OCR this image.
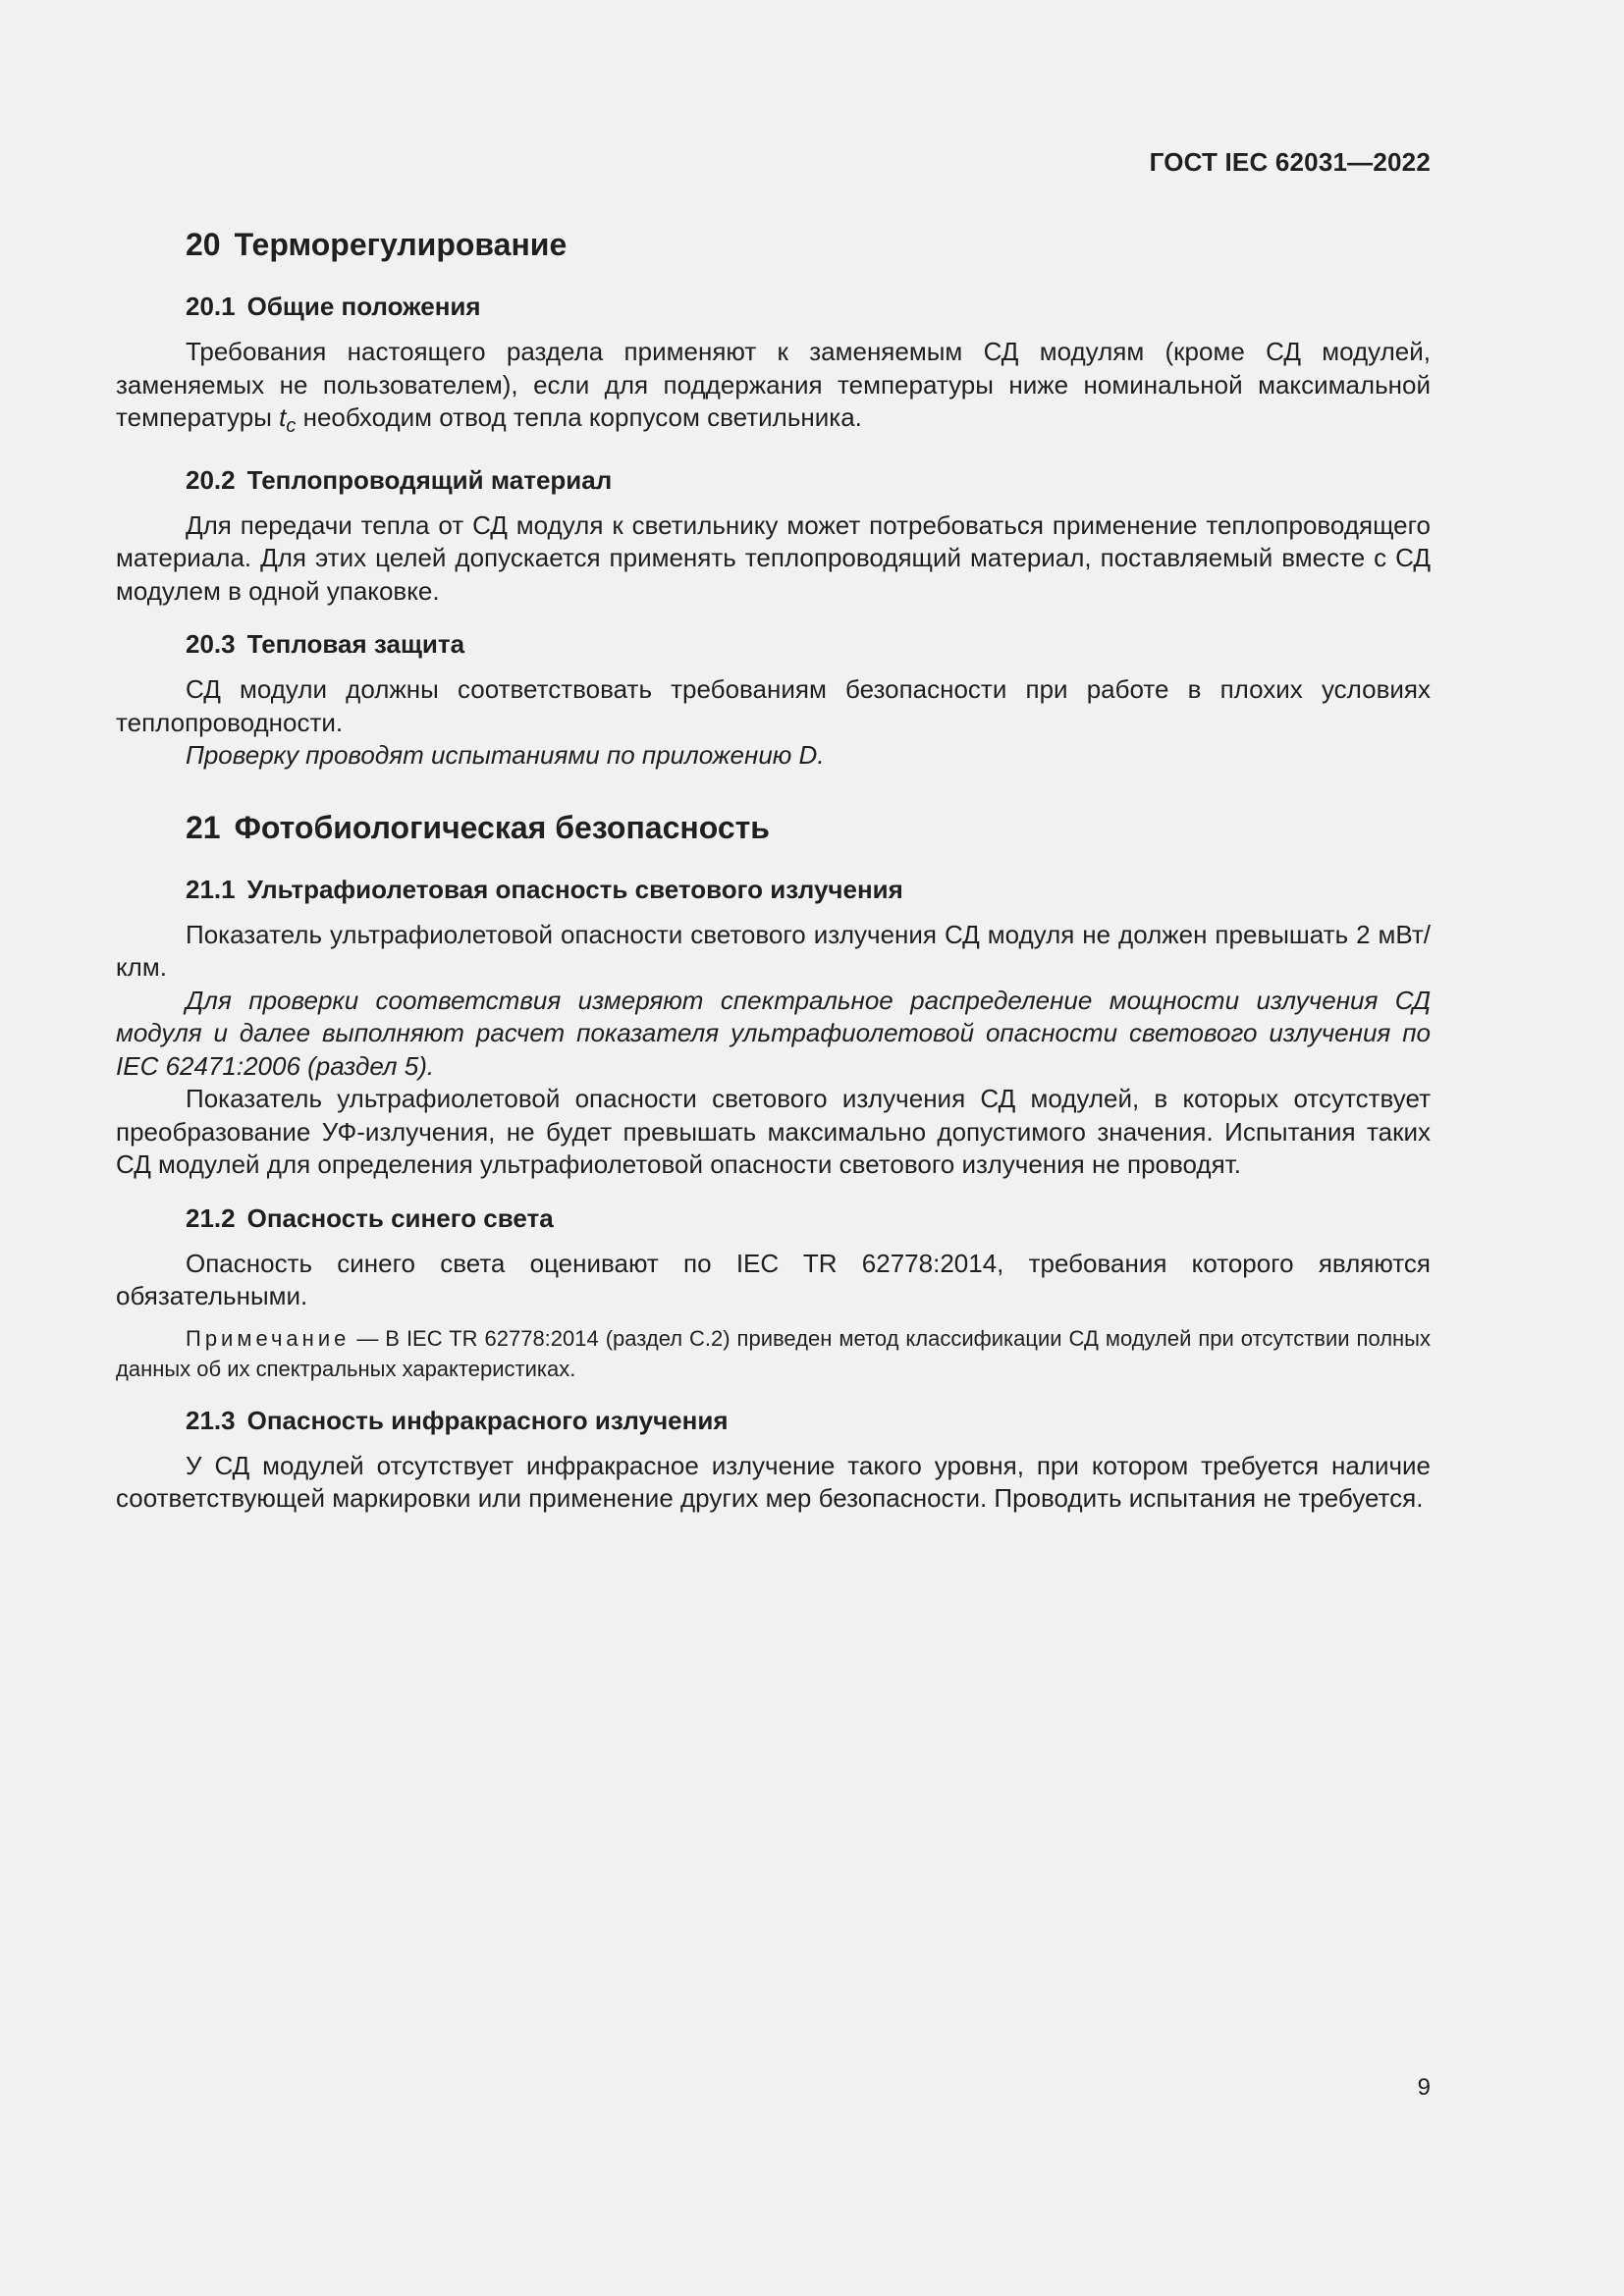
ГОСТ IEC 62031—2022
20 Терморегулирование
20.1 Общие положения

Требования настоящего раздела применяют к заменяемым СД модулям (кроме СД модулей, заменяемых не пользователем), если для поддержания температуры ниже номинальной максимальной температуры $t_c$ необходим отвод тепла корпусом светильника.

20.2 Теплопроводящий материал

Для передачи тепла от СД модуля к светильнику может потребоваться применение теплопроводящего материала. Для этих целей допускается применять теплопроводящий материал, поставляемый вместе с СД модулем в одной упаковке.

20.3 Тепловая защита

СД модули должны соответствовать требованиям безопасности при работе в плохих условиях теплопроводности.

Проверку проводят испытаниями по приложению D.

21 Фотобиологическая безопасность
21.1 Ультрафиолетовая опасность светового излучения

Показатель ультрафиолетовой опасности светового излучения СД модуля не должен превышать 2 мВт/клм.

Для проверки соответствия измеряют спектральное распределение мощности излучения СД модуля и далее выполняют расчет показателя ультрафиолетовой опасности светового излучения по IEC 62471:2006 (раздел 5).

Показатель ультрафиолетовой опасности светового излучения СД модулей, в которых отсутствует преобразование УФ-излучения, не будет превышать максимально допустимого значения. Испытания таких СД модулей для определения ультрафиолетовой опасности светового излучения не проводят.

21.2 Опасность синего света

Опасность синего света оценивают по IEC TR 62778:2014, требования которого являются обязательными.

Примечание — В IEC TR 62778:2014 (раздел С.2) приведен метод классификации СД модулей при отсутствии полных данных об их спектральных характеристиках.

21.3 Опасность инфракрасного излучения

У СД модулей отсутствует инфракрасное излучение такого уровня, при котором требуется наличие соответствующей маркировки или применение других мер безопасности. Проводить испытания не требуется.

9
